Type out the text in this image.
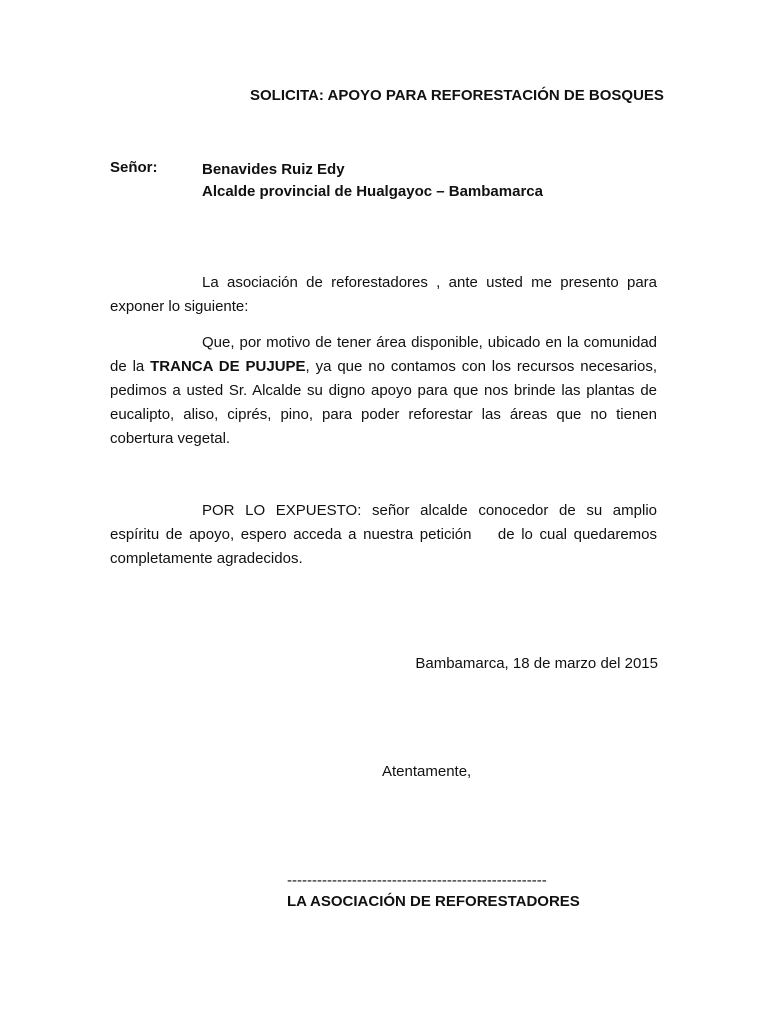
SOLICITA: APOYO PARA REFORESTACIÓN DE BOSQUES
Señor:	Benavides Ruiz Edy
Alcalde provincial de Hualgayoc – Bambamarca
La asociación de reforestadores , ante usted me presento para exponer lo siguiente:
Que, por motivo de tener área disponible, ubicado en la comunidad de la TRANCA DE PUJUPE, ya que no contamos con los recursos necesarios, pedimos a usted Sr. Alcalde su digno apoyo para que nos brinde las plantas de eucalipto, aliso, ciprés, pino, para poder reforestar las áreas que no tienen cobertura vegetal.
POR LO EXPUESTO: señor alcalde conocedor de su amplio espíritu de apoyo, espero acceda a nuestra petición    de lo cual quedaremos completamente agradecidos.
Bambamarca, 18 de marzo del 2015
Atentamente,
----------------------------------------------------
LA ASOCIACIÓN DE REFORESTADORES
